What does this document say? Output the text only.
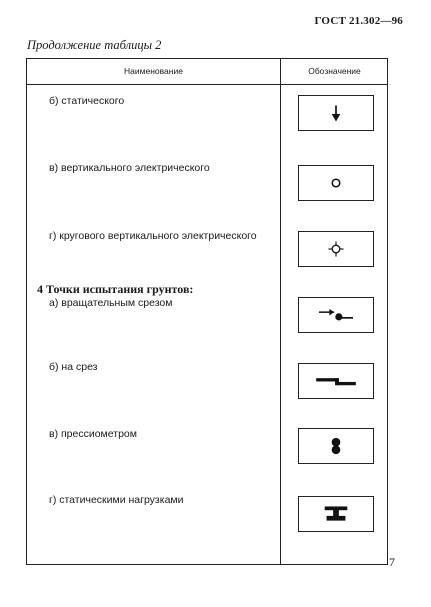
ГОСТ 21.302—96
Продолжение таблицы 2
Наименование	Обозначение
б) статического
в) вертикального электрического
г) кругового вертикального электрического
4 Точки испытания грунтов:
а) вращательным срезом
б) на срез
в) прессиометром
г) статическими нагрузками
7
